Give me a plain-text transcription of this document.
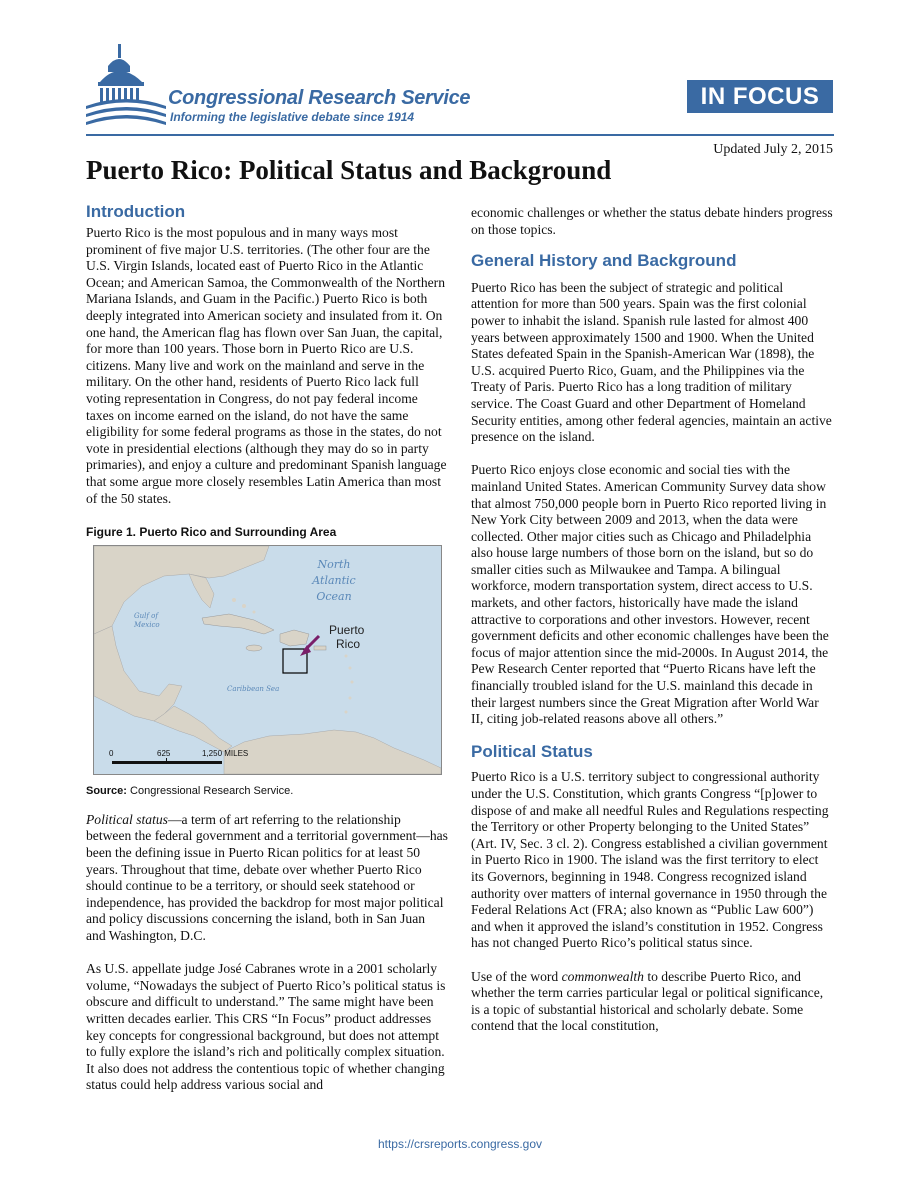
Congressional Research Service
Informing the legislative debate since 1914
IN FOCUS
Updated July 2, 2015
Puerto Rico: Political Status and Background
Introduction

Puerto Rico is the most populous and in many ways most prominent of five major U.S. territories. (The other four are the U.S. Virgin Islands, located east of Puerto Rico in the Atlantic Ocean; and American Samoa, the Commonwealth of the Northern Mariana Islands, and Guam in the Pacific.) Puerto Rico is both deeply integrated into American society and insulated from it. On one hand, the American flag has flown over San Juan, the capital, for more than 100 years. Those born in Puerto Rico are U.S. citizens. Many live and work on the mainland and serve in the military. On the other hand, residents of Puerto Rico lack full voting representation in Congress, do not pay federal income taxes on income earned on the island, do not have the same eligibility for some federal programs as those in the states, do not vote in presidential elections (although they may do so in party primaries), and enjoy a culture and predominant Spanish language that some argue more closely resembles Latin America than most of the 50 states.

Figure 1. Puerto Rico and Surrounding Area
North
Atlantic
Ocean
Gulf of
Mexico	Puerto
Rico
Caribbean Sea
0	625	1,250 MILES
Source: Congressional Research Service.

Political status—a term of art referring to the relationship between the federal government and a territorial government—has been the defining issue in Puerto Rican politics for at least 50 years. Throughout that time, debate over whether Puerto Rico should continue to be a territory, or should seek statehood or independence, has provided the backdrop for most major political and policy discussions concerning the island, both in San Juan and Washington, D.C.

As U.S. appellate judge José Cabranes wrote in a 2001 scholarly volume, “Nowadays the subject of Puerto Rico’s political status is obscure and difficult to understand.” The same might have been written decades earlier. This CRS “In Focus” product addresses key concepts for congressional background, but does not attempt to fully explore the island’s rich and politically complex situation. It also does not address the contentious topic of whether changing status could help address various social and

economic challenges or whether the status debate hinders progress on those topics.

General History and Background

Puerto Rico has been the subject of strategic and political attention for more than 500 years. Spain was the first colonial power to inhabit the island. Spanish rule lasted for almost 400 years between approximately 1500 and 1900. When the United States defeated Spain in the Spanish-American War (1898), the U.S. acquired Puerto Rico, Guam, and the Philippines via the Treaty of Paris. Puerto Rico has a long tradition of military service. The Coast Guard and other Department of Homeland Security entities, among other federal agencies, maintain an active presence on the island.

Puerto Rico enjoys close economic and social ties with the mainland United States. American Community Survey data show that almost 750,000 people born in Puerto Rico reported living in New York City between 2009 and 2013, when the data were collected. Other major cities such as Chicago and Philadelphia also house large numbers of those born on the island, but so do smaller cities such as Milwaukee and Tampa. A bilingual workforce, modern transportation system, direct access to U.S. markets, and other factors, historically have made the island attractive to corporations and other investors. However, recent government deficits and other economic challenges have been the focus of major attention since the mid-2000s. In August 2014, the Pew Research Center reported that “Puerto Ricans have left the financially troubled island for the U.S. mainland this decade in their largest numbers since the Great Migration after World War II, citing job-related reasons above all others.”

Political Status

Puerto Rico is a U.S. territory subject to congressional authority under the U.S. Constitution, which grants Congress “[p]ower to dispose of and make all needful Rules and Regulations respecting the Territory or other Property belonging to the United States” (Art. IV, Sec. 3 cl. 2). Congress established a civilian government in Puerto Rico in 1900. The island was the first territory to elect its Governors, beginning in 1948. Congress recognized island authority over matters of internal governance in 1950 through the Federal Relations Act (FRA; also known as “Public Law 600”) and when it approved the island’s constitution in 1952. Congress has not changed Puerto Rico’s political status since.

Use of the word commonwealth to describe Puerto Rico, and whether the term carries particular legal or political significance, is a topic of substantial historical and scholarly debate. Some contend that the local constitution,

https://crsreports.congress.gov
